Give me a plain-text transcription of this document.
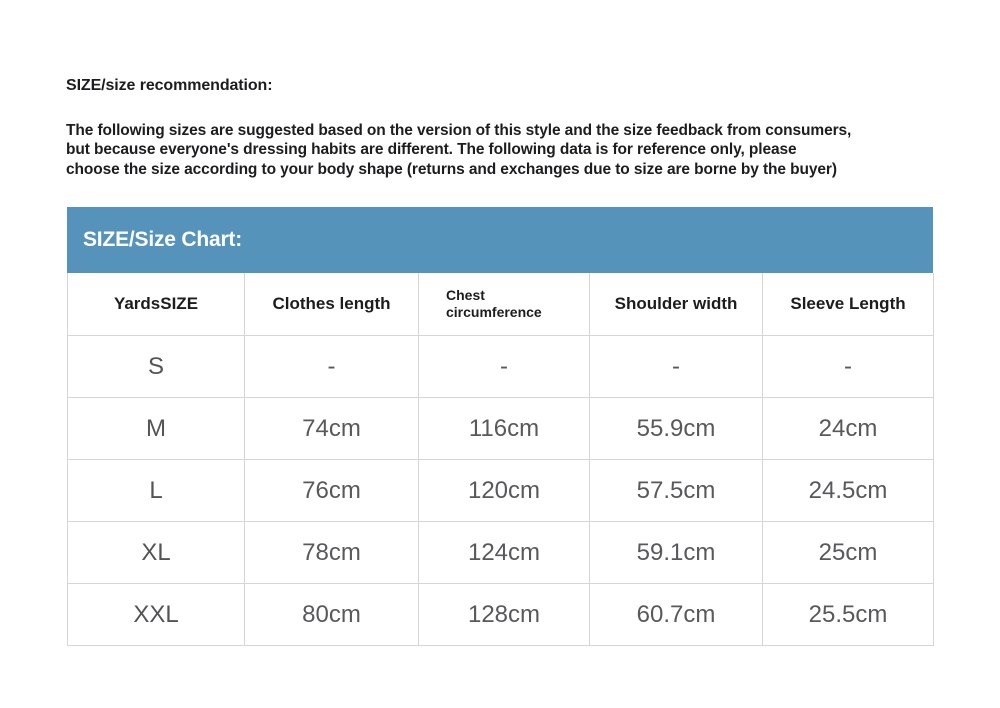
SIZE/size recommendation:
The following sizes are suggested based on the version of this style and the size feedback from consumers,
but because everyone's dressing habits are different. The following data is for reference only, please
choose the size according to your body shape (returns and exchanges due to size are borne by the buyer)
SIZE/Size Chart:
YardsSIZE	Clothes length	Chest circumference	Shoulder width	Sleeve Length
S	-	-	-	-
M	74cm	116cm	55.9cm	24cm
L	76cm	120cm	57.5cm	24.5cm
XL	78cm	124cm	59.1cm	25cm
XXL	80cm	128cm	60.7cm	25.5cm
